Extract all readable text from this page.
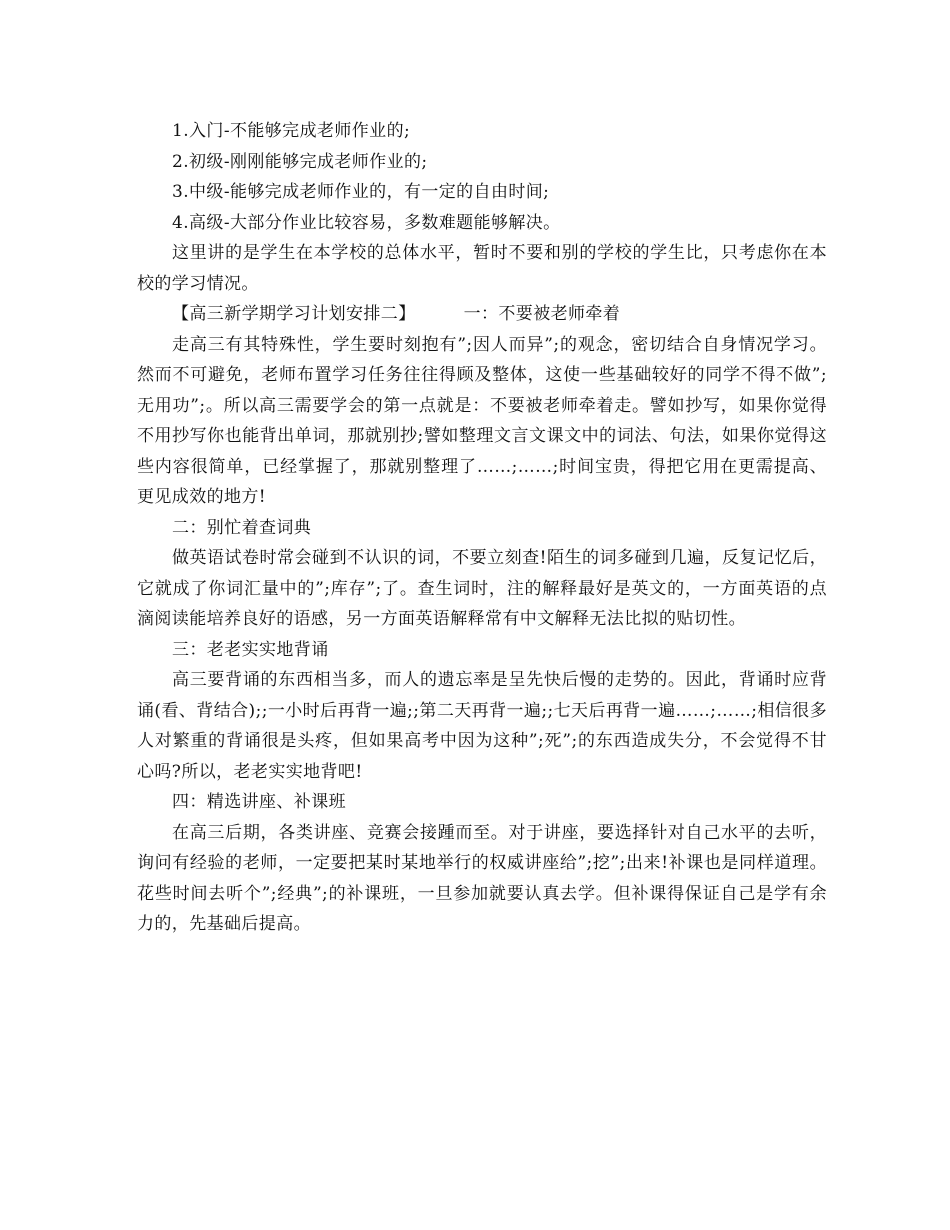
1.入门-不能够完成老师作业的;

2.初级-刚刚能够完成老师作业的;

3.中级-能够完成老师作业的，有一定的自由时间;

4.高级-大部分作业比较容易，多数难题能够解决。

这里讲的是学生在本学校的总体水平，暂时不要和别的学校的学生比，只考虑你在本校的学习情况。

【高三新学期学习计划安排二】	一：不要被老师牵着

走高三有其特殊性，学生要时刻抱有”;因人而异”;的观念，密切结合自身情况学习。然而不可避免，老师布置学习任务往往得顾及整体，这使一些基础较好的同学不得不做”;无用功”;。所以高三需要学会的第一点就是：不要被老师牵着走。譬如抄写，如果你觉得不用抄写你也能背出单词，那就别抄;譬如整理文言文课文中的词法、句法，如果你觉得这些内容很简单，已经掌握了，那就别整理了……;……;时间宝贵，得把它用在更需提高、更见成效的地方!

二：别忙着查词典

做英语试卷时常会碰到不认识的词，不要立刻查!陌生的词多碰到几遍，反复记忆后，它就成了你词汇量中的”;库存”;了。查生词时，注的解释最好是英文的，一方面英语的点滴阅读能培养良好的语感，另一方面英语解释常有中文解释无法比拟的贴切性。

三：老老实实地背诵

高三要背诵的东西相当多，而人的遗忘率是呈先快后慢的走势的。因此，背诵时应背诵(看、背结合);;一小时后再背一遍;;第二天再背一遍;;七天后再背一遍……;……;相信很多人对繁重的背诵很是头疼，但如果高考中因为这种”;死”;的东西造成失分，不会觉得不甘心吗?所以，老老实实地背吧!

四：精选讲座、补课班

在高三后期，各类讲座、竞赛会接踵而至。对于讲座，要选择针对自己水平的去听，询问有经验的老师，一定要把某时某地举行的权威讲座给”;挖”;出来!补课也是同样道理。花些时间去听个”;经典”;的补课班，一旦参加就要认真去学。但补课得保证自己是学有余力的，先基础后提高。
